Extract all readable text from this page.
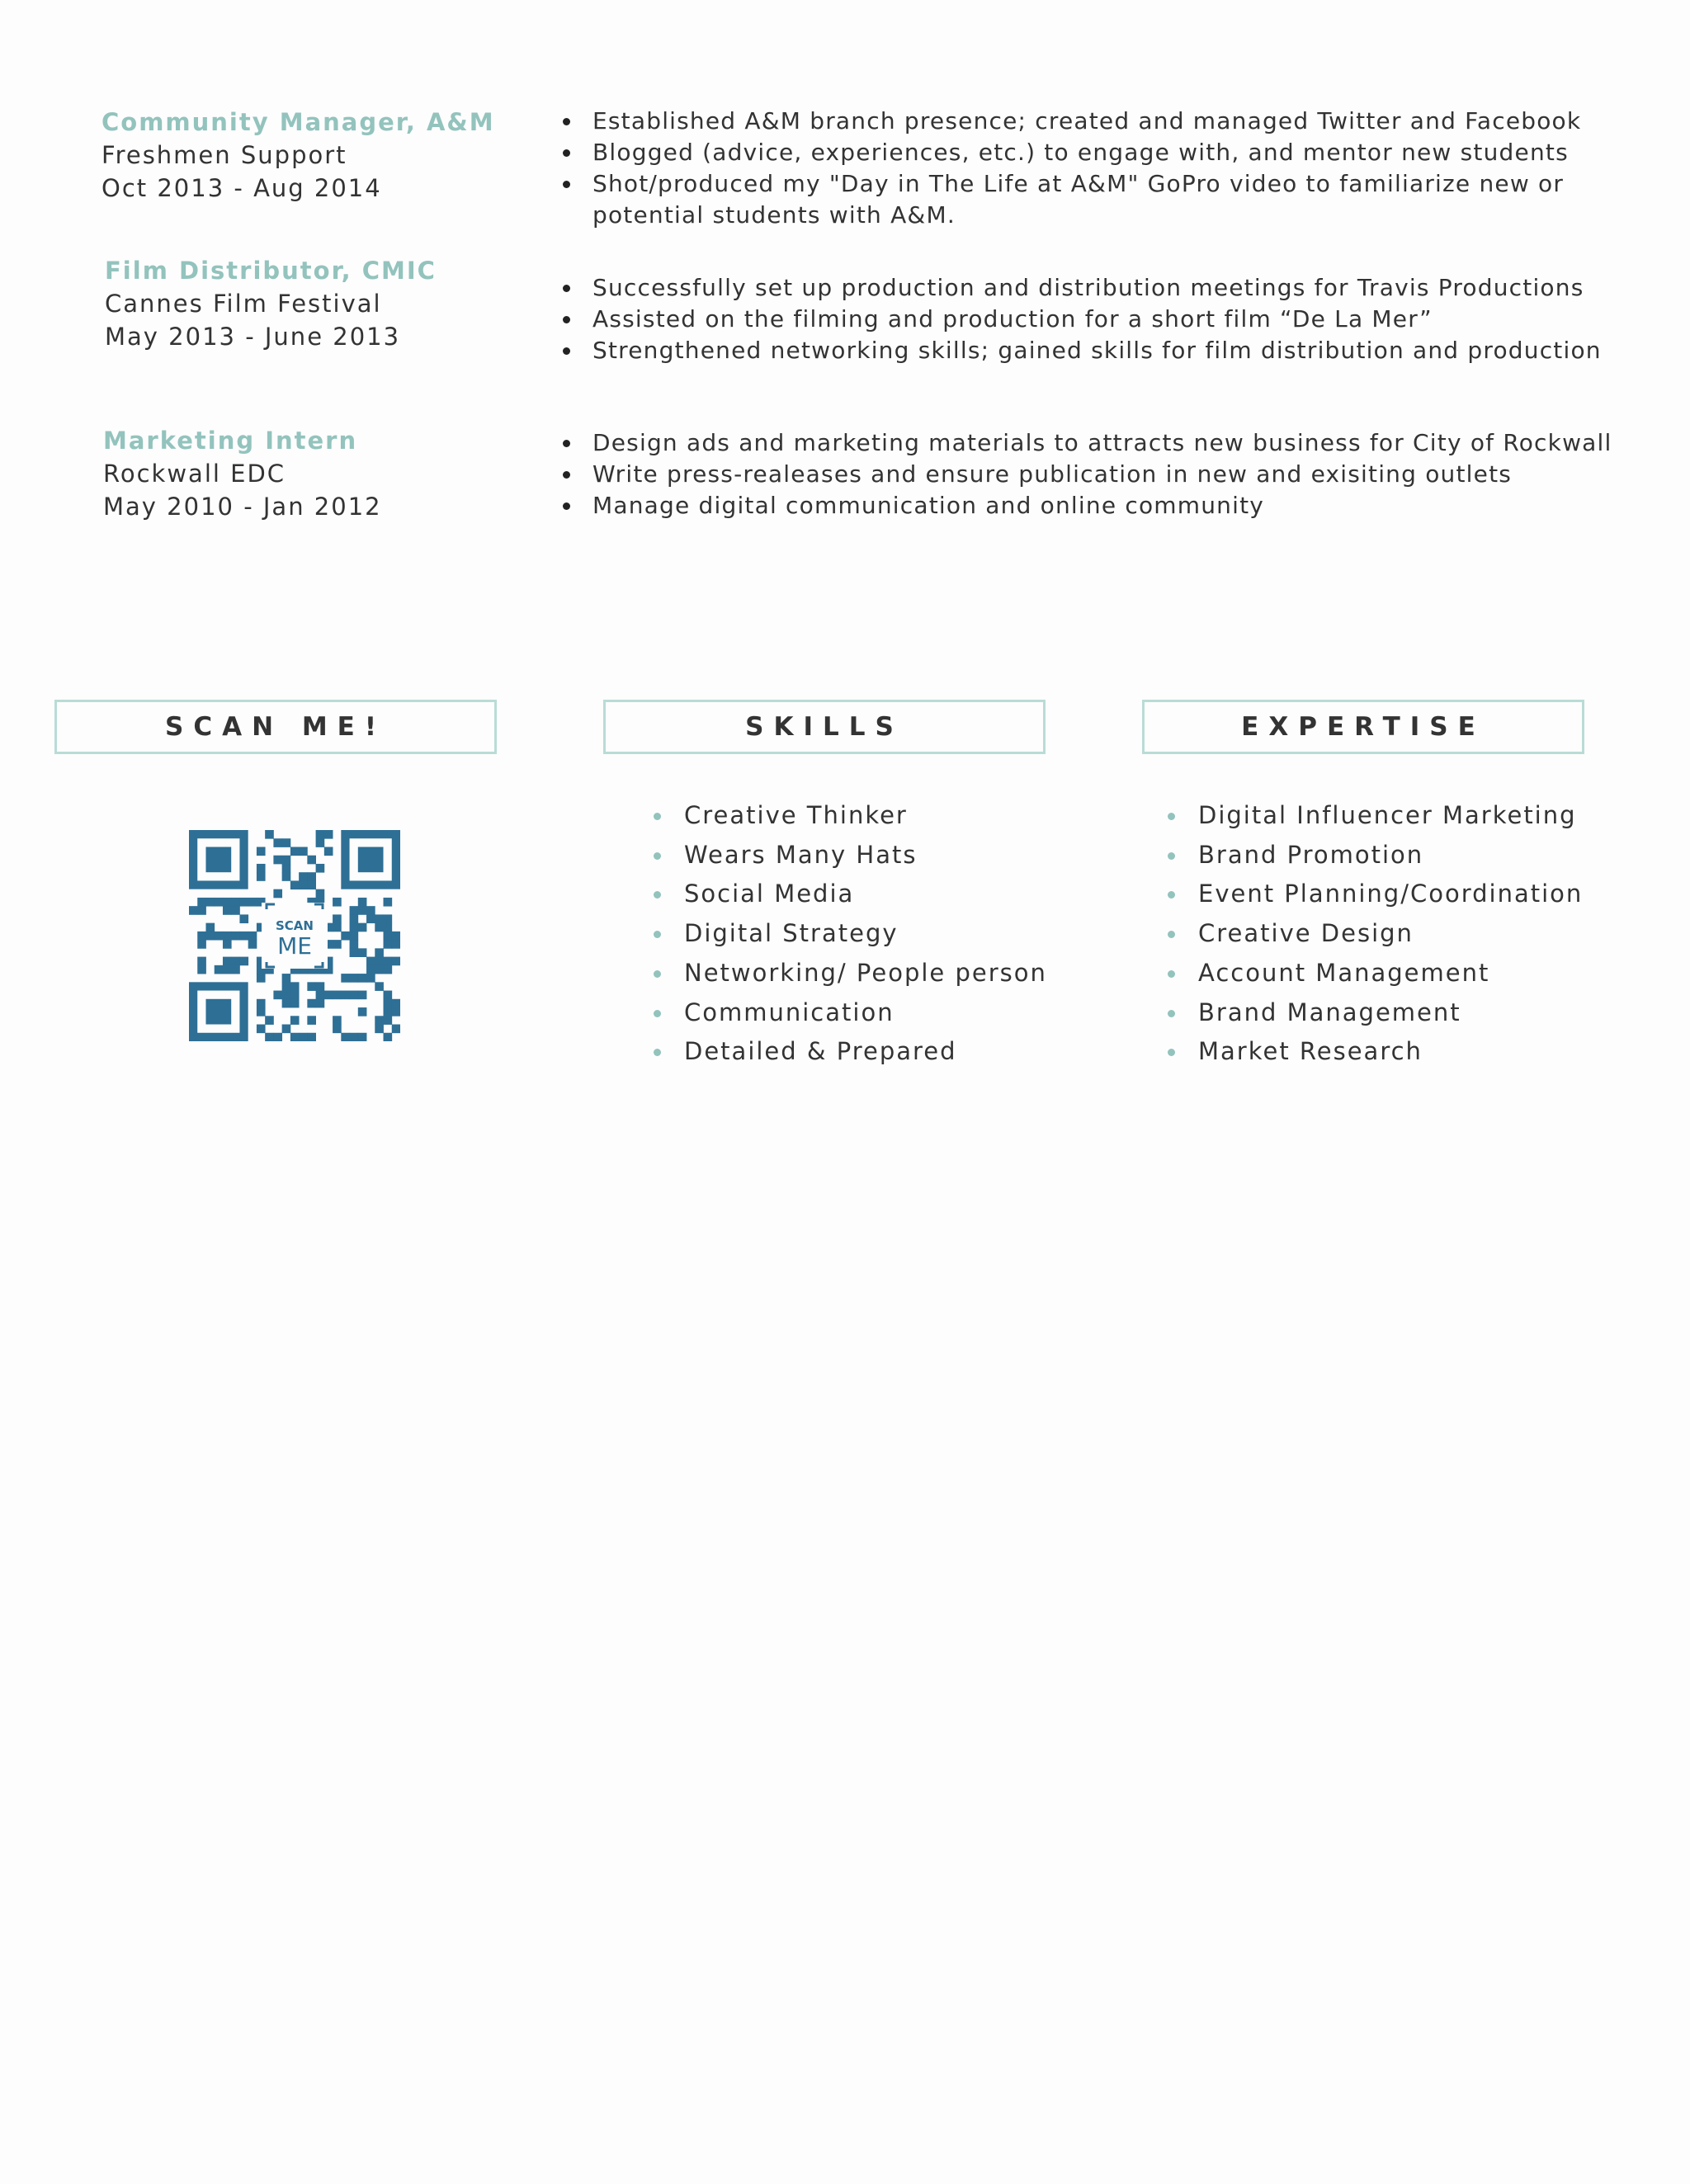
Community Manager, A&M
Freshmen Support
Oct 2013 - Aug 2014
Established A&M branch presence; created and managed Twitter and Facebook
Blogged (advice, experiences, etc.) to engage with, and mentor new students
Shot/produced my "Day in The Life at A&M" GoPro video to familiarize new or potential students with A&M.
Film Distributor, CMIC
Cannes Film Festival
May 2013 - June 2013
Successfully set up production and distribution meetings for Travis Productions
Assisted on the filming and production for a short film “De La Mer”
Strengthened networking skills; gained skills for film distribution and production
Marketing Intern
Rockwall EDC
May 2010 - Jan 2012
Design ads and marketing materials to attracts new business for City of Rockwall
Write press-realeases and ensure publication in new and exisiting outlets
Manage digital communication and online community
SCAN ME!	SKILLS	EXPERTISE
SCAN
ME
Creative Thinker
Wears Many Hats
Social Media
Digital Strategy
Networking/ People person
Communication
Detailed & Prepared
Digital Influencer Marketing
Brand Promotion
Event Planning/Coordination
Creative Design
Account Management
Brand Management
Market Research
